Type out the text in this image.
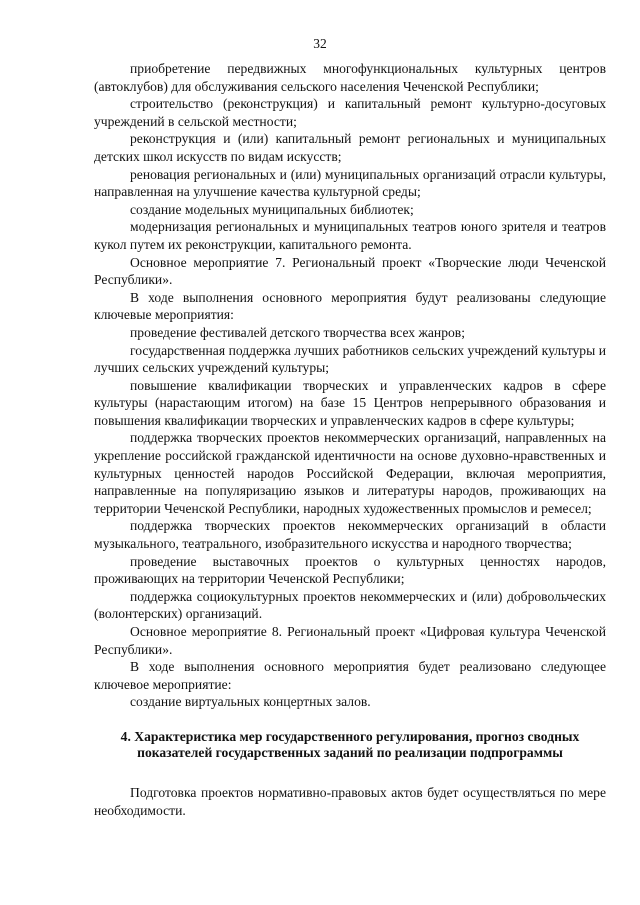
32

приобретение передвижных многофункциональных культурных центров (автоклубов) для обслуживания сельского населения Чеченской Республики;

строительство (реконструкция) и капитальный ремонт культурно-досуговых учреждений в сельской местности;

реконструкция и (или) капитальный ремонт региональных и муниципальных детских школ искусств по видам искусств;

реновация региональных и (или) муниципальных организаций отрасли культуры, направленная на улучшение качества культурной среды;

создание модельных муниципальных библиотек;

модернизация региональных и муниципальных театров юного зрителя и театров кукол путем их реконструкции, капитального ремонта.

Основное мероприятие 7. Региональный проект «Творческие люди Чеченской Республики».

В ходе выполнения основного мероприятия будут реализованы следующие ключевые мероприятия:

проведение фестивалей детского творчества всех жанров;

государственная поддержка лучших работников сельских учреждений культуры и лучших сельских учреждений культуры;

повышение квалификации творческих и управленческих кадров в сфере культуры (нарастающим итогом) на базе 15 Центров непрерывного образования и повышения квалификации творческих и управленческих кадров в сфере культуры;

поддержка творческих проектов некоммерческих организаций, направленных на укрепление российской гражданской идентичности на основе духовно-нравственных и культурных ценностей народов Российской Федерации, включая мероприятия, направленные на популяризацию языков и литературы народов, проживающих на территории Чеченской Республики, народных художественных промыслов и ремесел;

поддержка творческих проектов некоммерческих организаций в области музыкального, театрального, изобразительного искусства и народного творчества;

проведение выставочных проектов о культурных ценностях народов, проживающих на территории Чеченской Республики;

поддержка социокультурных проектов некоммерческих и (или) добровольческих (волонтерских) организаций.

Основное мероприятие 8. Региональный проект «Цифровая культура Чеченской Республики».

В ходе выполнения основного мероприятия будет реализовано следующее ключевое мероприятие:

создание виртуальных концертных залов.

4. Характеристика мер государственного регулирования, прогноз сводных
показателей государственных заданий по реализации подпрограммы

Подготовка проектов нормативно-правовых актов будет осуществляться по мере необходимости.
